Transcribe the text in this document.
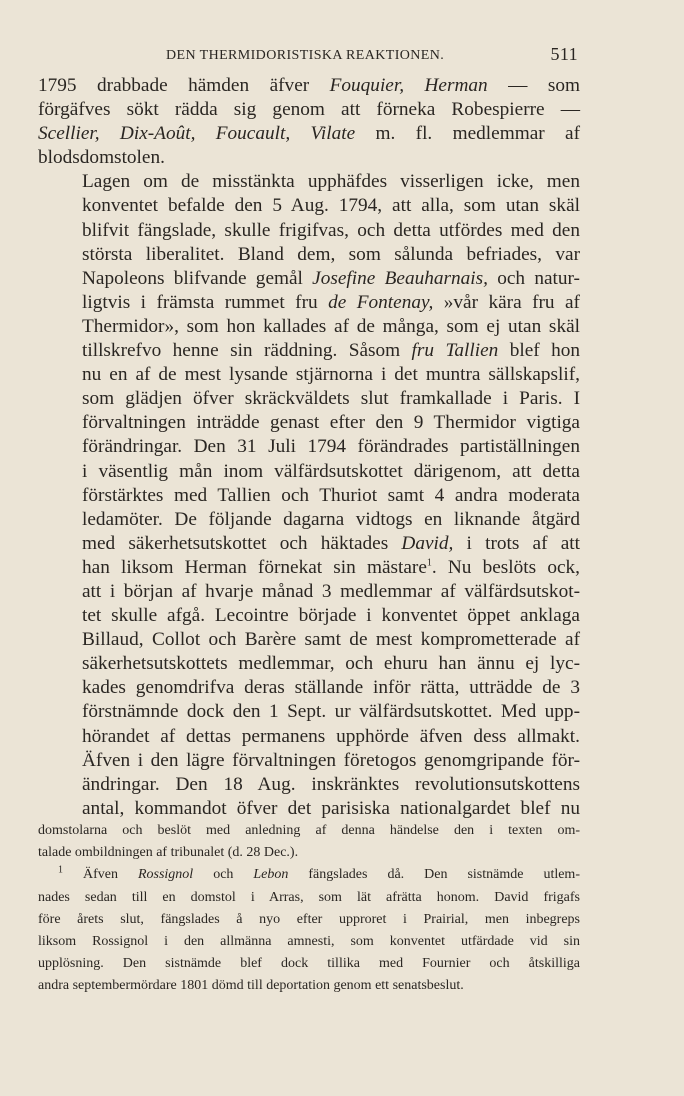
DEN THERMIDORISTISKA REAKTIONEN.	511

1795 drabbade hämden äfver Fouquier, Herman — som
förgäfves sökt rädda sig genom att förneka Robespierre —
Scellier, Dix-Août, Foucault, Vilate m. fl. medlemmar af
blodsdomstolen.

Lagen om de misstänkta upphäfdes visserligen icke, men
konventet befalde den 5 Aug. 1794, att alla, som utan skäl
blifvit fängslade, skulle frigifvas, och detta utfördes med den
största liberalitet. Bland dem, som sålunda befriades, var
Napoleons blifvande gemål Josefine Beauharnais, och natur-
ligtvis i främsta rummet fru de Fontenay, »vår kära fru af
Thermidor», som hon kallades af de många, som ej utan skäl
tillskrefvo henne sin räddning. Såsom fru Tallien blef hon
nu en af de mest lysande stjärnorna i det muntra sällskapslif,
som glädjen öfver skräckväldets slut framkallade i Paris. I
förvaltningen inträdde genast efter den 9 Thermidor vigtiga
förändringar. Den 31 Juli 1794 förändrades partiställningen
i väsentlig mån inom välfärdsutskottet därigenom, att detta
förstärktes med Tallien och Thuriot samt 4 andra moderata
ledamöter. De följande dagarna vidtogs en liknande åtgärd
med säkerhetsutskottet och häktades David, i trots af att
han liksom Herman förnekat sin mästare$^1$. Nu beslöts ock,
att i början af hvarje månad 3 medlemmar af välfärdsutskot-
tet skulle afgå. Lecointre började i konventet öppet anklaga
Billaud, Collot och Barère samt de mest komprometterade af
säkerhetsutskottets medlemmar, och ehuru han ännu ej lyc-
kades genomdrifva deras ställande inför rätta, utträdde de 3
förstnämnde dock den 1 Sept. ur välfärdsutskottet. Med upp-
hörandet af dettas permanens upphörde äfven dess allmakt.
Äfven i den lägre förvaltningen företogos genomgripande för-
ändringar. Den 18 Aug. inskränktes revolutionsutskottens
antal, kommandot öfver det parisiska nationalgardet blef nu

domstolarna och beslöt med anledning af denna händelse den i texten om-
talade ombildningen af tribunalet (d. 28 Dec.).
$^1$ Äfven Rossignol och Lebon fängslades då. Den sistnämde utlem-
nades sedan till en domstol i Arras, som lät afrätta honom. David frigafs
före årets slut, fängslades å nyo efter upproret i Prairial, men inbegreps
liksom Rossignol i den allmänna amnesti, som konventet utfärdade vid sin
upplösning. Den sistnämde blef dock tillika med Fournier och åtskilliga
andra septembermördare 1801 dömd till deportation genom ett senatsbeslut.
